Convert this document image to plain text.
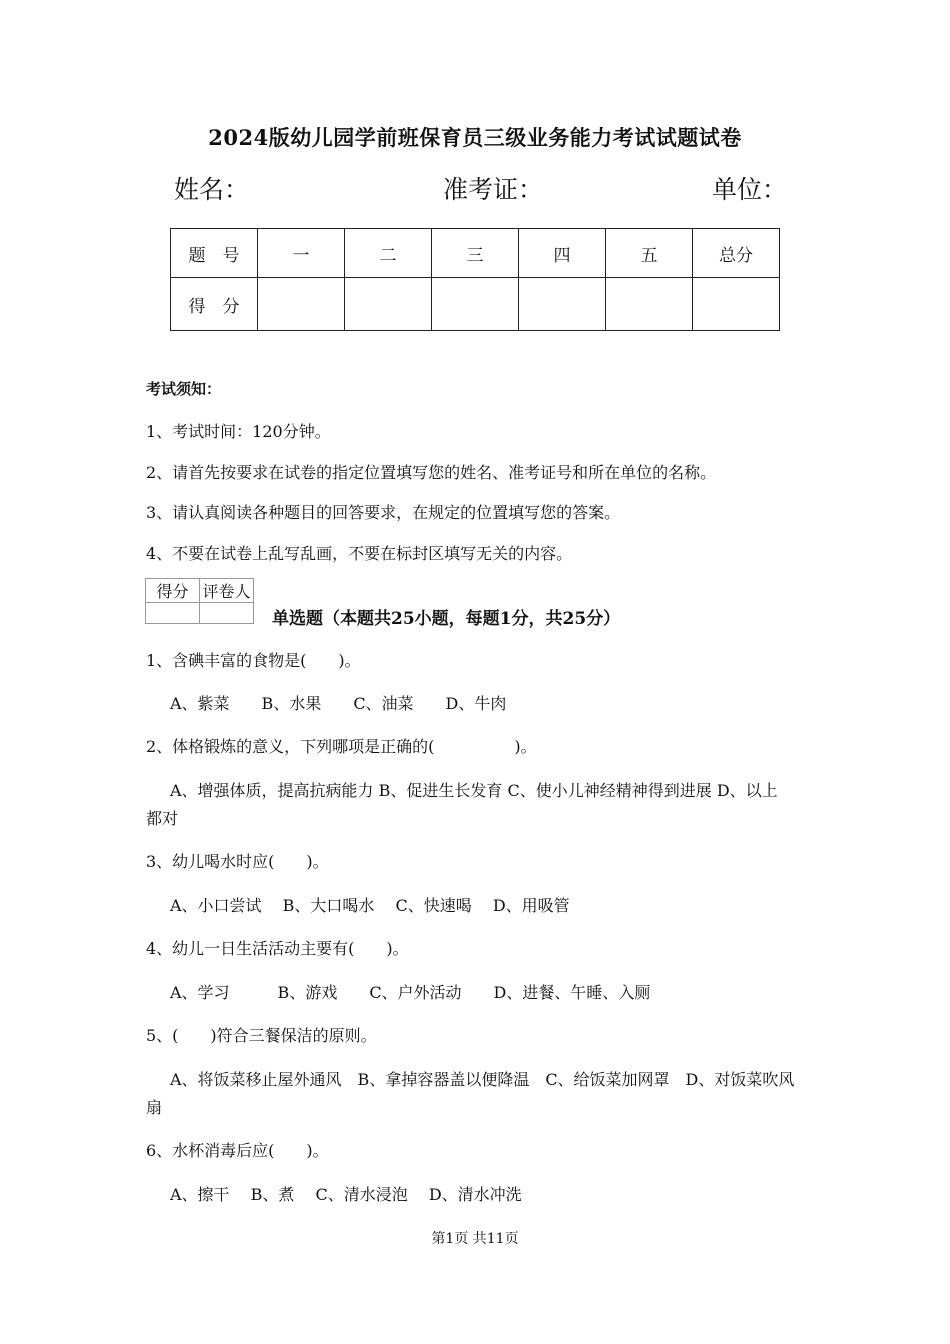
2024版幼儿园学前班保育员三级业务能力考试试题试卷
姓名：	准考证：	单位：
题　号	一	二	三	四	五	总分
得　分						
考试须知：
1、考试时间：120分钟。
2、请首先按要求在试卷的指定位置填写您的姓名、准考证号和所在单位的名称。
3、请认真阅读各种题目的回答要求，在规定的位置填写您的答案。
4、不要在试卷上乱写乱画，不要在标封区填写无关的内容。
得分	评卷人

单选题（本题共25小题，每题1分，共25分）
1、含碘丰富的食物是(　　)。
A、紫菜　　B、水果　　C、油菜　　D、牛肉
2、体格锻炼的意义，下列哪项是正确的(　　　　　)。
A、增强体质，提高抗病能力 B、促进生长发育 C、使小儿神经精神得到进展 D、以上
都对
3、幼儿喝水时应(　　)。
A、小口尝试　 B、大口喝水　 C、快速喝　 D、用吸管
4、幼儿一日生活活动主要有(　　)。
A、学习　　　B、游戏　　C、户外活动　　D、进餐、午睡、入厕
5、(　　)符合三餐保洁的原则。
A、将饭菜移止屋外通风　B、拿掉容器盖以便降温　C、给饭菜加网罩　D、对饭菜吹风
扇
6、水杯消毒后应(　　)。
A、擦干　 B、煮　 C、清水浸泡　 D、清水冲洗
第1页 共11页
